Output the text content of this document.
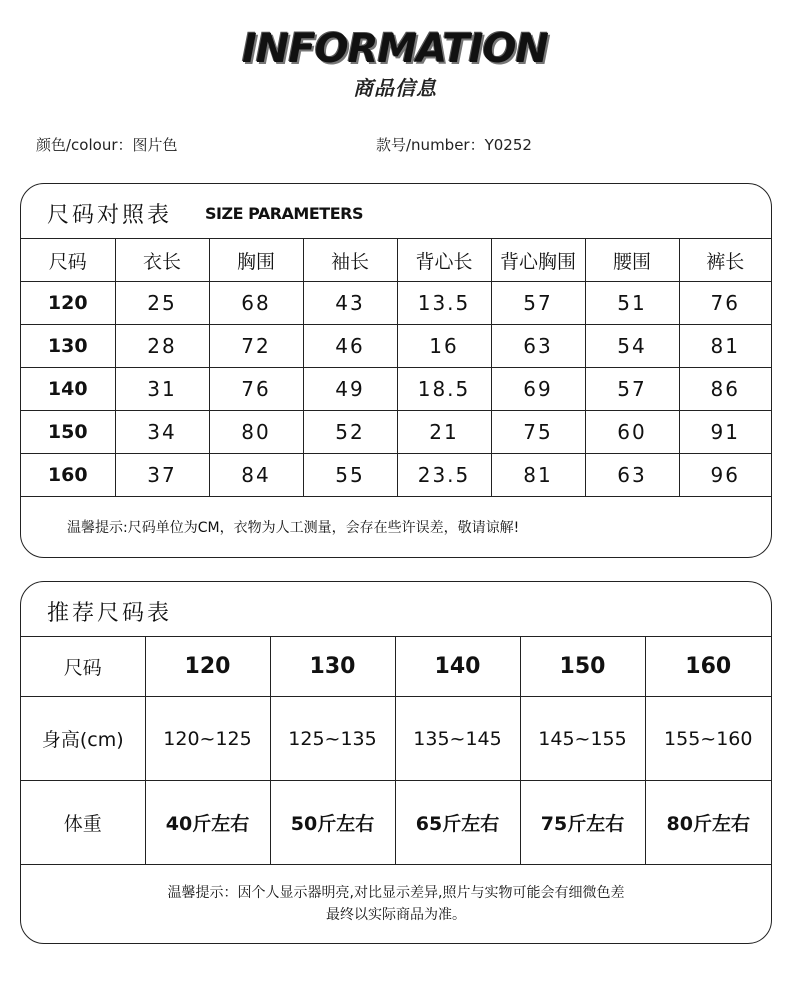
INFORMATION
商品信息
颜色/colour：图片色	款号/number：Y0252
尺码对照表 SIZE PARAMETERS
尺码	衣长	胸围	袖长	背心长	背心胸围	腰围	裤长
120	25	68	43	13.5	57	51	76
130	28	72	46	16	63	54	81
140	31	76	49	18.5	69	57	86
150	34	80	52	21	75	60	91
160	37	84	55	23.5	81	63	96
温馨提示:尺码单位为CM，衣物为人工测量，会存在些许误差，敬请谅解!
推荐尺码表
尺码	120	130	140	150	160
身高(cm)	120~125	125~135	135~145	145~155	155~160
体重	40斤左右	50斤左右	65斤左右	75斤左右	80斤左右
温馨提示：因个人显示器明亮,对比显示差异,照片与实物可能会有细微色差
最终以实际商品为准。
